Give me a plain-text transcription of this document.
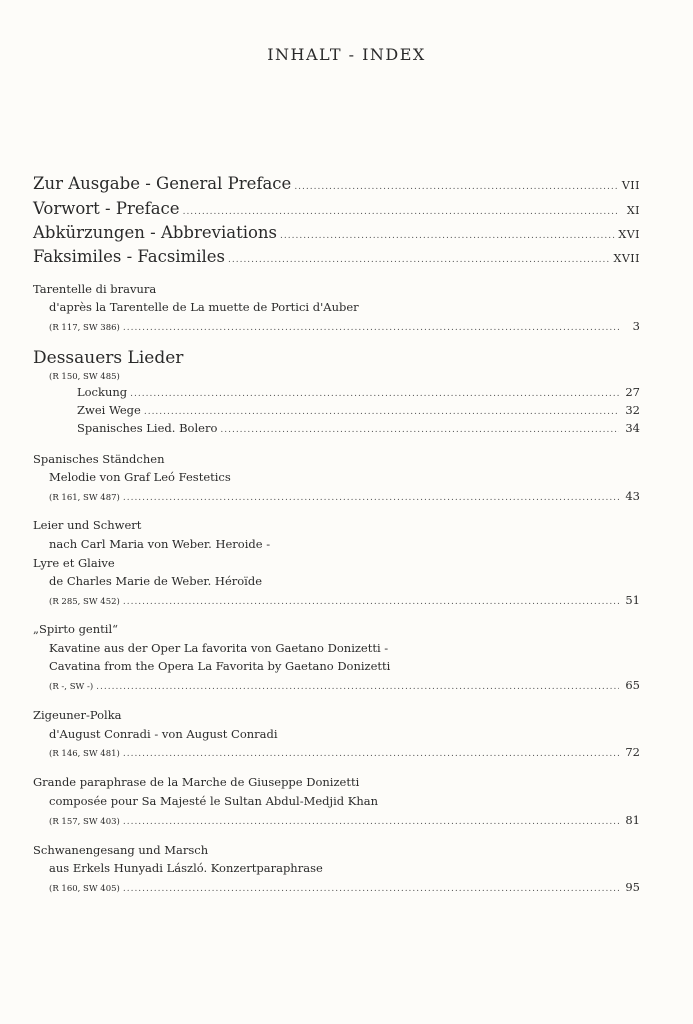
INHALT - INDEX
Zur Ausgabe - General Preface .....	VII
Vorwort - Preface .....	XI
Abkürzungen - Abbreviations .....	XVI
Faksimiles - Facsimiles .....	XVII
Tarentelle di bravura
d'après la Tarentelle de La muette de Portici d'Auber
(R 117, SW 386) .....	3
Dessauers Lieder
(R 150, SW 485)
Lockung .....	27
Zwei Wege .....	32
Spanisches Lied. Bolero .....	34
Spanisches Ständchen
Melodie von Graf Leó Festetics
(R 161, SW 487) .....	43
Leier und Schwert
nach Carl Maria von Weber. Heroide -
Lyre et Glaive
de Charles Marie de Weber. Héroïde
(R 285, SW 452) .....	51
„Spirto gentil“
Kavatine aus der Oper La favorita von Gaetano Donizetti -
Cavatina from the Opera La Favorita by Gaetano Donizetti
(R -, SW -) .....	65
Zigeuner-Polka
d'August Conradi - von August Conradi
(R 146, SW 481) .....	72
Grande paraphrase de la Marche de Giuseppe Donizetti
composée pour Sa Majesté le Sultan Abdul-Medjid Khan
(R 157, SW 403) .....	81
Schwanengesang und Marsch
aus Erkels Hunyadi László. Konzertparaphrase
(R 160, SW 405) .....	95
